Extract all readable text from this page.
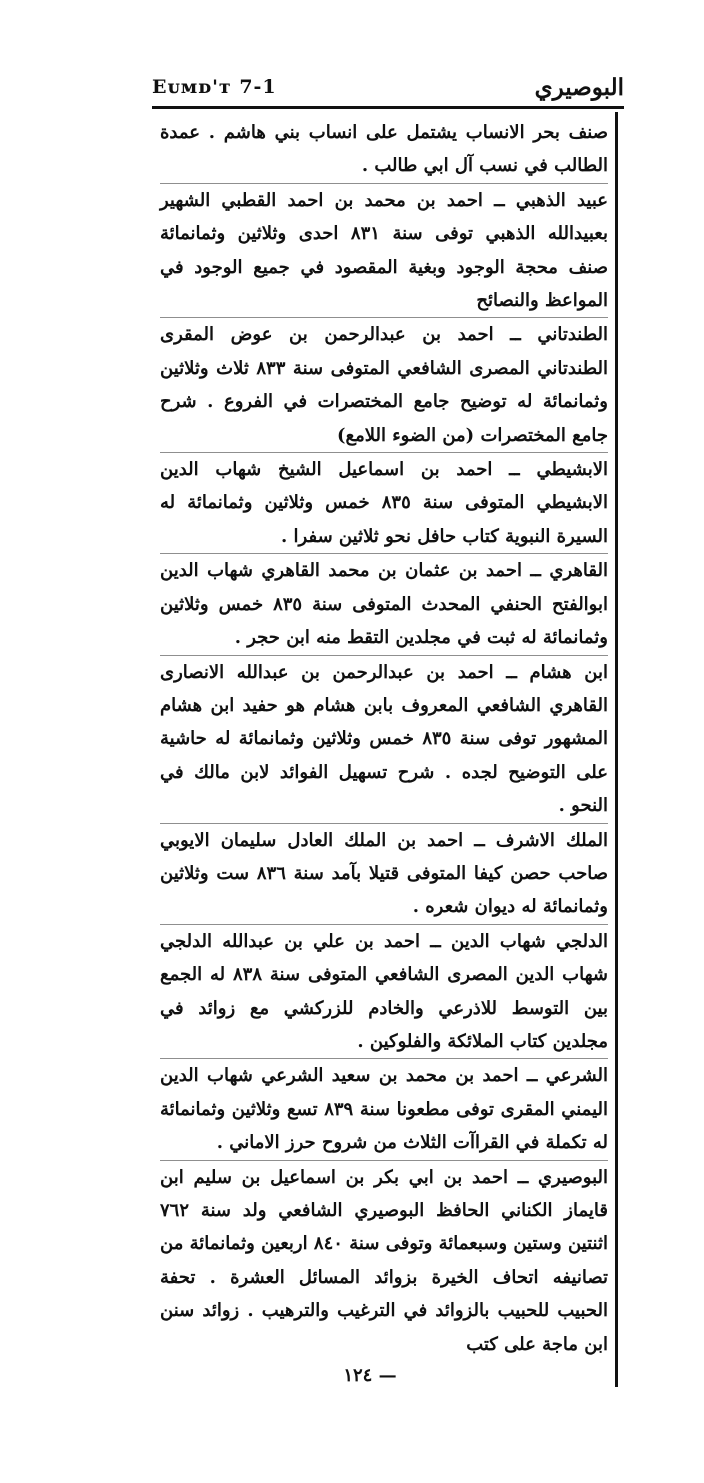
البوصيري
Eᴜᴍᴅ'ᴛ 7-1

صنف بحر الانساب يشتمل على انساب بني هاشم . عمدة الطالب في نسب آل ابي طالب .

عبيد الذهبي ــ احمد بن محمد بن احمد القطبي الشهير بعبيدالله الذهبي توفى سنة ٨٣١ احدى وثلاثين وثمانمائة صنف محجة الوجود وبغية المقصود في جميع الوجود في المواعظ والنصائح

الطندتاني ــ احمد بن عبدالرحمن بن عوض المقرى الطندتاني المصرى الشافعي المتوفى سنة ٨٣٣ ثلاث وثلاثين وثمانمائة له توضيح جامع المختصرات في الفروع . شرح جامع المختصرات (من الضوء اللامع)

الابشيطي ــ احمد بن اسماعيل الشيخ شهاب الدين الابشيطي المتوفى سنة ٨٣٥ خمس وثلاثين وثمانمائة له السيرة النبوية كتاب حافل نحو ثلاثين سفرا .

القاهري ــ احمد بن عثمان بن محمد القاهري شهاب الدين ابوالفتح الحنفي المحدث المتوفى سنة ٨٣٥ خمس وثلاثين وثمانمائة له ثبت في مجلدين التقط منه ابن حجر .

ابن هشام ــ احمد بن عبدالرحمن بن عبدالله الانصارى القاهري الشافعي المعروف بابن هشام هو حفيد ابن هشام المشهور توفى سنة ٨٣٥ خمس وثلاثين وثمانمائة له حاشية على التوضيح لجده . شرح تسهيل الفوائد لابن مالك في النحو .

الملك الاشرف ــ احمد بن الملك العادل سليمان الايوبي صاحب حصن كيفا المتوفى قتيلا بآمد سنة ٨٣٦ ست وثلاثين وثمانمائة له ديوان شعره .

الدلجي شهاب الدين ــ احمد بن علي بن عبدالله الدلجي شهاب الدين المصرى الشافعي المتوفى سنة ٨٣٨ له الجمع بين التوسط للاذرعي والخادم للزركشي مع زوائد في مجلدين كتاب الملائكة والفلوكين .

الشرعي ــ احمد بن محمد بن سعيد الشرعي شهاب الدين اليمني المقرى توفى مطعونا سنة ٨٣٩ تسع وثلاثين وثمانمائة له تكملة في القراآت الثلاث من شروح حرز الاماني .

البوصيري ــ احمد بن ابي بكر بن اسماعيل بن سليم ابن قايماز الكناني الحافظ البوصيري الشافعي ولد سنة ٧٦٢ اثنتين وستين وسبعمائة وتوفى سنة ٨٤٠ اربعين وثمانمائة من تصانيفه اتحاف الخيرة بزوائد المسائل العشرة . تحفة الحبيب للحبيب بالزوائد في الترغيب والترهيب . زوائد سنن ابن ماجة على كتب

— ١٢٤
